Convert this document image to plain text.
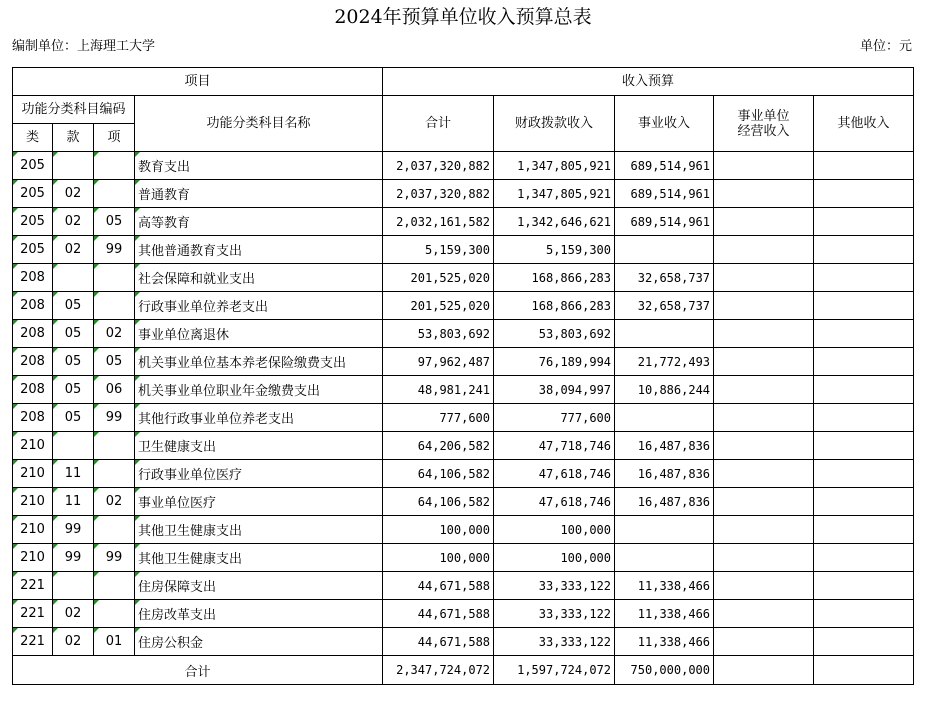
2024年预算单位收入预算总表
编制单位：上海理工大学	单位：元
项目				收入预算				
功能分类科目编码			功能分类科目名称	合计	财政拨款收入	事业收入	事业单位经营收入	其他收入
类	款	项						
205			教育支出	2,037,320,882	1,347,805,921	689,514,961		
205	02		普通教育	2,037,320,882	1,347,805,921	689,514,961		
205	02	05	高等教育	2,032,161,582	1,342,646,621	689,514,961		
205	02	99	其他普通教育支出	5,159,300	5,159,300			
208			社会保障和就业支出	201,525,020	168,866,283	32,658,737		
208	05		行政事业单位养老支出	201,525,020	168,866,283	32,658,737		
208	05	02	事业单位离退休	53,803,692	53,803,692			
208	05	05	机关事业单位基本养老保险缴费支出	97,962,487	76,189,994	21,772,493		
208	05	06	机关事业单位职业年金缴费支出	48,981,241	38,094,997	10,886,244		
208	05	99	其他行政事业单位养老支出	777,600	777,600			
210			卫生健康支出	64,206,582	47,718,746	16,487,836		
210	11		行政事业单位医疗	64,106,582	47,618,746	16,487,836		
210	11	02	事业单位医疗	64,106,582	47,618,746	16,487,836		
210	99		其他卫生健康支出	100,000	100,000			
210	99	99	其他卫生健康支出	100,000	100,000			
221			住房保障支出	44,671,588	33,333,122	11,338,466		
221	02		住房改革支出	44,671,588	33,333,122	11,338,466		
221	02	01	住房公积金	44,671,588	33,333,122	11,338,466		
合计				2,347,724,072	1,597,724,072	750,000,000		
